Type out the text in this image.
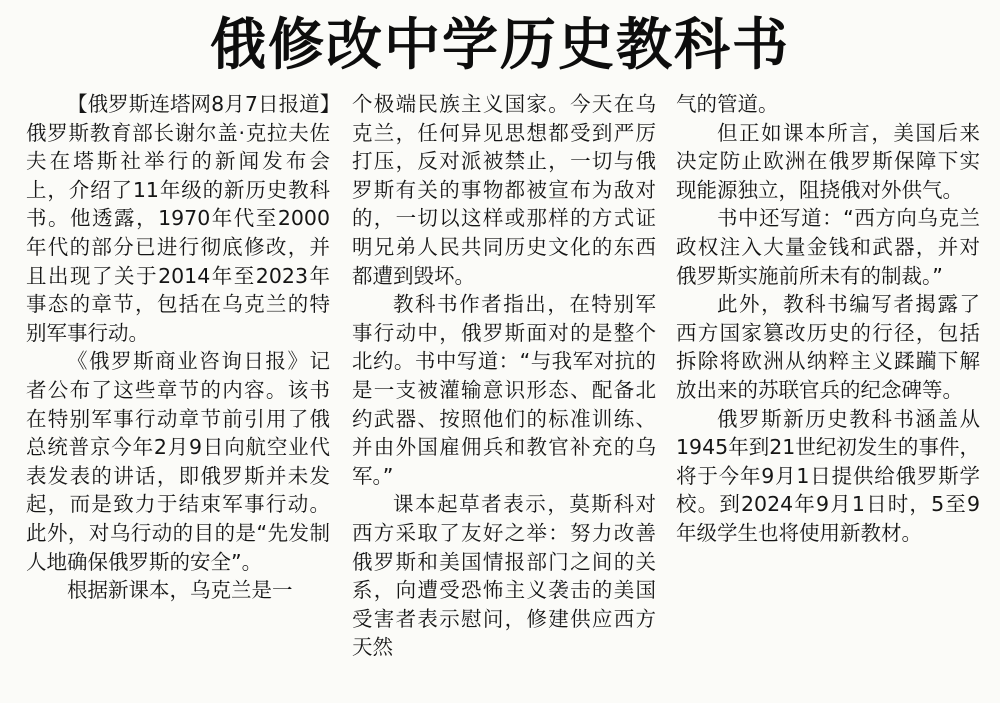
俄修改中学历史教科书

【俄罗斯连塔网8月7日报道】俄罗斯教育部长谢尔盖·克拉夫佐夫在塔斯社举行的新闻发布会上，介绍了11年级的新历史教科书。他透露，1970年代至2000年代的部分已进行彻底修改，并且出现了关于2014年至2023年事态的章节，包括在乌克兰的特别军事行动。

《俄罗斯商业咨询日报》记者公布了这些章节的内容。该书在特别军事行动章节前引用了俄总统普京今年2月9日向航空业代表发表的讲话，即俄罗斯并未发起，而是致力于结束军事行动。此外，对乌行动的目的是“先发制人地确保俄罗斯的安全”。

根据新课本，乌克兰是一

个极端民族主义国家。今天在乌克兰，任何异见思想都受到严厉打压，反对派被禁止，一切与俄罗斯有关的事物都被宣布为敌对的，一切以这样或那样的方式证明兄弟人民共同历史文化的东西都遭到毁坏。

教科书作者指出，在特别军事行动中，俄罗斯面对的是整个北约。书中写道：“与我军对抗的是一支被灌输意识形态、配备北约武器、按照他们的标准训练、并由外国雇佣兵和教官补充的乌军。”

课本起草者表示，莫斯科对西方采取了友好之举：努力改善俄罗斯和美国情报部门之间的关系，向遭受恐怖主义袭击的美国受害者表示慰问，修建供应西方天然

气的管道。

但正如课本所言，美国后来决定防止欧洲在俄罗斯保障下实现能源独立，阻挠俄对外供气。

书中还写道：“西方向乌克兰政权注入大量金钱和武器，并对俄罗斯实施前所未有的制裁。”

此外，教科书编写者揭露了西方国家篡改历史的行径，包括拆除将欧洲从纳粹主义蹂躏下解放出来的苏联官兵的纪念碑等。

俄罗斯新历史教科书涵盖从1945年到21世纪初发生的事件，将于今年9月1日提供给俄罗斯学校。到2024年9月1日时，5至9年级学生也将使用新教材。
